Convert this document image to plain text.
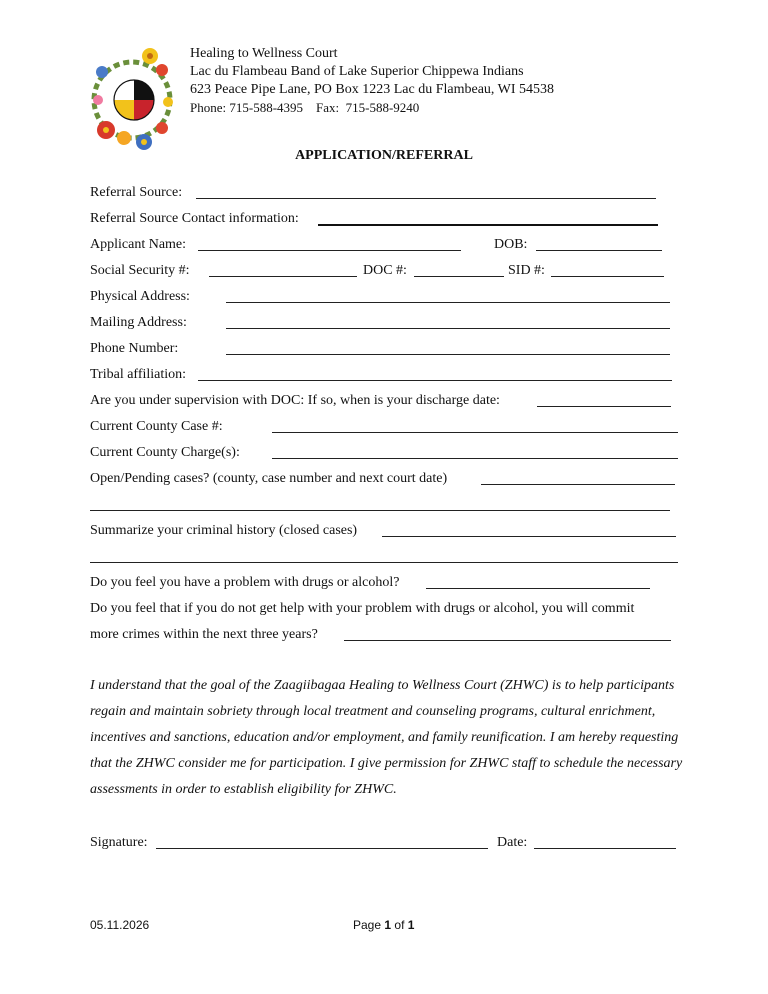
Healing to Wellness Court
Lac du Flambeau Band of Lake Superior Chippewa Indians
623 Peace Pipe Lane, PO Box 1223 Lac du Flambeau, WI 54538
Phone: 715-588-4395    Fax:  715-588-9240
APPLICATION/REFERRAL
Referral Source:
Referral Source Contact information:
Applicant Name:	DOB:
Social Security #:	DOC #:	SID #:
Physical Address:
Mailing Address:
Phone Number:
Tribal affiliation:
Are you under supervision with DOC: If so, when is your discharge date:
Current County Case #:
Current County Charge(s):
Open/Pending cases? (county, case number and next court date)
Summarize your criminal history (closed cases)
Do you feel you have a problem with drugs or alcohol?
Do you feel that if you do not get help with your problem with drugs or alcohol, you will commit
more crimes within the next three years?
I understand that the goal of the Zaagiibagaa Healing to Wellness Court (ZHWC) is to help participants regain and maintain sobriety through local treatment and counseling programs, cultural enrichment, incentives and sanctions, education and/or employment, and family reunification. I am hereby requesting that the ZHWC consider me for participation. I give permission for ZHWC staff to schedule the necessary assessments in order to establish eligibility for ZHWC.
Signature:	Date:
05.11.2026	Page 1 of 1
